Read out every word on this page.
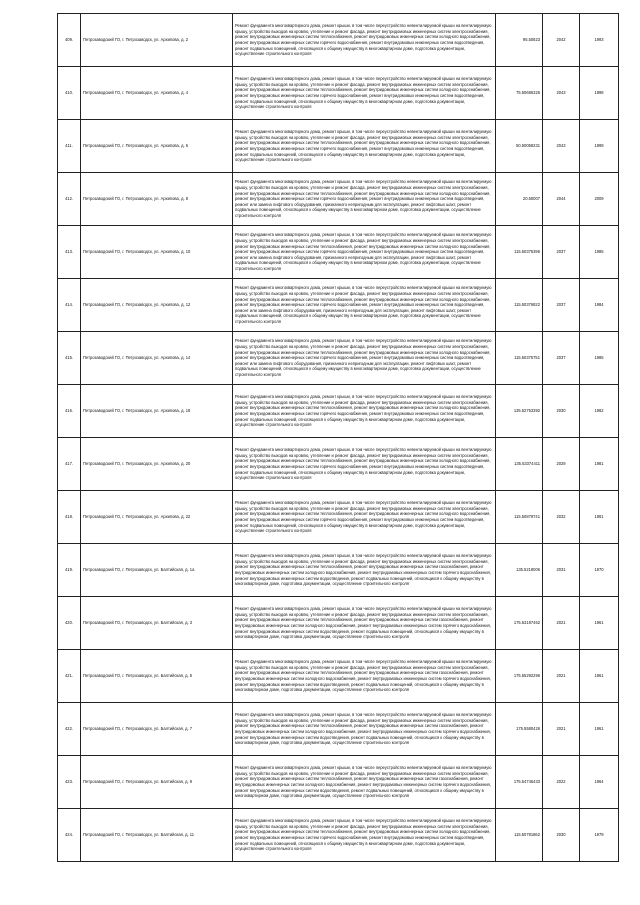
409.	Петрозаводский ГО, г. Петрозаводск, ул. Архипова, д. 2	Ремонт фундамента многоквартирного дома, ремонт крыши, в том числе переустройство невентилируемой крыши на вентилируемую крышу, устройство выходов на кровлю, утепление и ремонт фасада, ремонт внутридомовых инженерных систем электроснабжения, ремонт внутридомовых инженерных систем теплоснабжения, ремонт внутридомовых инженерных систем холодного водоснабжения, ремонт внутридомовых инженерных систем горячего водоснабжения, ремонт внутридомовых инженерных систем водоотведения, ремонт подвальных помещений, относящихся к общему имуществу в многоквартирном доме, подготовка документации, осуществление строительного контроля	95.50823	2042	1993
410.	Петрозаводский ГО, г. Петрозаводск, ул. Архипова, д. 4	Ремонт фундамента многоквартирного дома, ремонт крыши, в том числе переустройство невентилируемой крыши на вентилируемую крышу, устройство выходов на кровлю, утепление и ремонт фасада, ремонт внутридомовых инженерных систем электроснабжения, ремонт внутридомовых инженерных систем теплоснабжения, ремонт внутридомовых инженерных систем холодного водоснабжения, ремонт внутридомовых инженерных систем горячего водоснабжения, ремонт внутридомовых инженерных систем водоотведения, ремонт подвальных помещений, относящихся к общему имуществу в многоквартирном доме, подготовка документации, осуществление строительного контроля	75.50686326	2043	1998
411.	Петрозаводский ГО, г. Петрозаводск, ул. Архипова, д. 6	Ремонт фундамента многоквартирного дома, ремонт крыши, в том числе переустройство невентилируемой крыши на вентилируемую крышу, устройство выходов на кровлю, утепление и ремонт фасада, ремонт внутридомовых инженерных систем электроснабжения, ремонт внутридомовых инженерных систем теплоснабжения, ремонт внутридомовых инженерных систем холодного водоснабжения, ремонт внутридомовых инженерных систем горячего водоснабжения, ремонт внутридомовых инженерных систем водоотведения, ремонт подвальных помещений, относящихся к общему имуществу в многоквартирном доме, подготовка документации, осуществление строительного контроля	50.50058231	2043	1999
412.	Петрозаводский ГО, г. Петрозаводск, ул. Архипова, д. 8	Ремонт фундамента многоквартирного дома, ремонт крыши, в том числе переустройство невентилируемой крыши на вентилируемую крышу, устройство выходов на кровлю, утепление и ремонт фасада, ремонт внутридомовых инженерных систем электроснабжения, ремонт внутридомовых инженерных систем теплоснабжения, ремонт внутридомовых инженерных систем холодного водоснабжения, ремонт внутридомовых инженерных систем горячего водоснабжения, ремонт внутридомовых инженерных систем водоотведения, ремонт или замена лифтового оборудования, признанного непригодным для эксплуатации, ремонт лифтовых шахт, ремонт подвальных помещений, относящихся к общему имуществу в многоквартирном доме, подготовка документации, осуществление строительного контроля	20.50007	2044	2009
413.	Петрозаводский ГО, г. Петрозаводск, ул. Архипова, д. 10	Ремонт фундамента многоквартирного дома, ремонт крыши, в том числе переустройство невентилируемой крыши на вентилируемую крышу, устройство выходов на кровлю, утепление и ремонт фасада, ремонт внутридомовых инженерных систем электроснабжения, ремонт внутридомовых инженерных систем теплоснабжения, ремонт внутридомовых инженерных систем холодного водоснабжения, ремонт внутридомовых инженерных систем горячего водоснабжения, ремонт внутридомовых инженерных систем водоотведения, ремонт или замена лифтового оборудования, признанного непригодным для эксплуатации, ремонт лифтовых шахт, ремонт подвальных помещений, относящихся к общему имуществу в многоквартирном доме, подготовка документации, осуществление строительного контроля	115.50375396	2037	1985
414.	Петрозаводский ГО, г. Петрозаводск, ул. Архипова, д. 12	Ремонт фундамента многоквартирного дома, ремонт крыши, в том числе переустройство невентилируемой крыши на вентилируемую крышу, устройство выходов на кровлю, утепление и ремонт фасада, ремонт внутридомовых инженерных систем электроснабжения, ремонт внутридомовых инженерных систем теплоснабжения, ремонт внутридомовых инженерных систем холодного водоснабжения, ремонт внутридомовых инженерных систем горячего водоснабжения, ремонт внутридомовых инженерных систем водоотведения, ремонт или замена лифтового оборудования, признанного непригодным для эксплуатации, ремонт лифтовых шахт, ремонт подвальных помещений, относящихся к общему имуществу в многоквартирном доме, подготовка документации, осуществление строительного контроля	115.50376822	2037	1984
415.	Петрозаводский ГО, г. Петрозаводск, ул. Архипова, д. 14	Ремонт фундамента многоквартирного дома, ремонт крыши, в том числе переустройство невентилируемой крыши на вентилируемую крышу, устройство выходов на кровлю, утепление и ремонт фасада, ремонт внутридомовых инженерных систем электроснабжения, ремонт внутридомовых инженерных систем теплоснабжения, ремонт внутридомовых инженерных систем холодного водоснабжения, ремонт внутридомовых инженерных систем горячего водоснабжения, ремонт внутридомовых инженерных систем водоотведения, ремонт или замена лифтового оборудования, признанного непригодным для эксплуатации, ремонт лифтовых шахт, ремонт подвальных помещений, относящихся к общему имуществу в многоквартирном доме, подготовка документации, осуществление строительного контроля	115.50375751	2037	1985
416.	Петрозаводский ГО, г. Петрозаводск, ул. Архипова, д. 18	Ремонт фундамента многоквартирного дома, ремонт крыши, в том числе переустройство невентилируемой крыши на вентилируемую крышу, устройство выходов на кровлю, утепление и ремонт фасада, ремонт внутридомовых инженерных систем электроснабжения, ремонт внутридомовых инженерных систем теплоснабжения, ремонт внутридомовых инженерных систем холодного водоснабжения, ремонт внутридомовых инженерных систем горячего водоснабжения, ремонт внутридомовых инженерных систем водоотведения, ремонт подвальных помещений, относящихся к общему имуществу в многоквартирном доме, подготовка документации, осуществление строительного контроля	135.52753392	2030	1982
417.	Петрозаводский ГО, г. Петрозаводск, ул. Архипова, д. 20	Ремонт фундамента многоквартирного дома, ремонт крыши, в том числе переустройство невентилируемой крыши на вентилируемую крышу, устройство выходов на кровлю, утепление и ремонт фасада, ремонт внутридомовых инженерных систем электроснабжения, ремонт внутридомовых инженерных систем теплоснабжения, ремонт внутридомовых инженерных систем холодного водоснабжения, ремонт внутридомовых инженерных систем горячего водоснабжения, ремонт внутридомовых инженерных систем водоотведения, ремонт подвальных помещений, относящихся к общему имуществу в многоквартирном доме, подготовка документации, осуществление строительного контроля	135.53374411	2029	1981
418.	Петрозаводский ГО, г. Петрозаводск, ул. Архипова, д. 22	Ремонт фундамента многоквартирного дома, ремонт крыши, в том числе переустройство невентилируемой крыши на вентилируемую крышу, устройство выходов на кровлю, утепление и ремонт фасада, ремонт внутридомовых инженерных систем электроснабжения, ремонт внутридомовых инженерных систем теплоснабжения, ремонт внутридомовых инженерных систем холодного водоснабжения, ремонт внутридомовых инженерных систем горячего водоснабжения, ремонт внутридомовых инженерных систем водоотведения, ремонт подвальных помещений, относящихся к общему имуществу в многоквартирном доме, подготовка документации, осуществление строительного контроля	115.50879741	2032	1981
419.	Петрозаводский ГО, г. Петрозаводск, ул. Балтийская, д. 1а	Ремонт фундамента многоквартирного дома, ремонт крыши, в том числе переустройство невентилируемой крыши на вентилируемую крышу, устройство выходов на кровлю, утепление и ремонт фасада, ремонт внутридомовых инженерных систем электроснабжения, ремонт внутридомовых инженерных систем теплоснабжения, ремонт внутридомовых инженерных систем газоснабжения, ремонт внутридомовых инженерных систем холодного водоснабжения, ремонт внутридомовых инженерных систем горячего водоснабжения, ремонт внутридомовых инженерных систем водоотведения, ремонт подвальных помещений, относящихся к общему имуществу в многоквартирном доме, подготовка документации, осуществление строительного контроля	135.5218006	2031	1970
420.	Петрозаводский ГО, г. Петрозаводск, ул. Балтийская, д. 3	Ремонт фундамента многоквартирного дома, ремонт крыши, в том числе переустройство невентилируемой крыши на вентилируемую крышу, устройство выходов на кровлю, утепление и ремонт фасада, ремонт внутридомовых инженерных систем электроснабжения, ремонт внутридомовых инженерных систем теплоснабжения, ремонт внутридомовых инженерных систем газоснабжения, ремонт внутридомовых инженерных систем холодного водоснабжения, ремонт внутридомовых инженерных систем горячего водоснабжения, ремонт внутридомовых инженерных систем водоотведения, ремонт подвальных помещений, относящихся к общему имуществу в многоквартирном доме, подготовка документации, осуществление строительного контроля	175.53197462	2021	1961
421.	Петрозаводский ГО, г. Петрозаводск, ул. Балтийская, д. 5	Ремонт фундамента многоквартирного дома, ремонт крыши, в том числе переустройство невентилируемой крыши на вентилируемую крышу, устройство выходов на кровлю, утепление и ремонт фасада, ремонт внутридомовых инженерных систем электроснабжения, ремонт внутридомовых инженерных систем теплоснабжения, ремонт внутридомовых инженерных систем газоснабжения, ремонт внутридомовых инженерных систем холодного водоснабжения, ремонт внутридомовых инженерных систем горячего водоснабжения, ремонт внутридомовых инженерных систем водоотведения, ремонт подвальных помещений, относящихся к общему имуществу в многоквартирном доме, подготовка документации, осуществление строительного контроля	175.55292296	2021	1961
422.	Петрозаводский ГО, г. Петрозаводск, ул. Балтийская, д. 7	Ремонт фундамента многоквартирного дома, ремонт крыши, в том числе переустройство невентилируемой крыши на вентилируемую крышу, устройство выходов на кровлю, утепление и ремонт фасада, ремонт внутридомовых инженерных систем электроснабжения, ремонт внутридомовых инженерных систем теплоснабжения, ремонт внутридомовых инженерных систем газоснабжения, ремонт внутридомовых инженерных систем холодного водоснабжения, ремонт внутридомовых инженерных систем горячего водоснабжения, ремонт внутридомовых инженерных систем водоотведения, ремонт подвальных помещений, относящихся к общему имуществу в многоквартирном доме, подготовка документации, осуществление строительного контроля	175.5580426	2021	1961
423.	Петрозаводский ГО, г. Петрозаводск, ул. Балтийская, д. 9	Ремонт фундамента многоквартирного дома, ремонт крыши, в том числе переустройство невентилируемой крыши на вентилируемую крышу, устройство выходов на кровлю, утепление и ремонт фасада, ремонт внутридомовых инженерных систем электроснабжения, ремонт внутридомовых инженерных систем теплоснабжения, ремонт внутридомовых инженерных систем газоснабжения, ремонт внутридомовых инженерных систем холодного водоснабжения, ремонт внутридомовых инженерных систем горячего водоснабжения, ремонт внутридомовых инженерных систем водоотведения, ремонт подвальных помещений, относящихся к общему имуществу в многоквартирном доме, подготовка документации, осуществление строительного контроля	175.54746433	2022	1964
424.	Петрозаводский ГО, г. Петрозаводск, ул. Балтийская, д. 11	Ремонт фундамента многоквартирного дома, ремонт крыши, в том числе переустройство невентилируемой крыши на вентилируемую крышу, устройство выходов на кровлю, утепление и ремонт фасада, ремонт внутридомовых инженерных систем электроснабжения, ремонт внутридомовых инженерных систем теплоснабжения, ремонт внутридомовых инженерных систем холодного водоснабжения, ремонт внутридомовых инженерных систем горячего водоснабжения, ремонт внутридомовых инженерных систем водоотведения, ремонт подвальных помещений, относящихся к общему имуществу в многоквартирном доме, подготовка документации, осуществление строительного контроля	115.50781862	2030	1979
